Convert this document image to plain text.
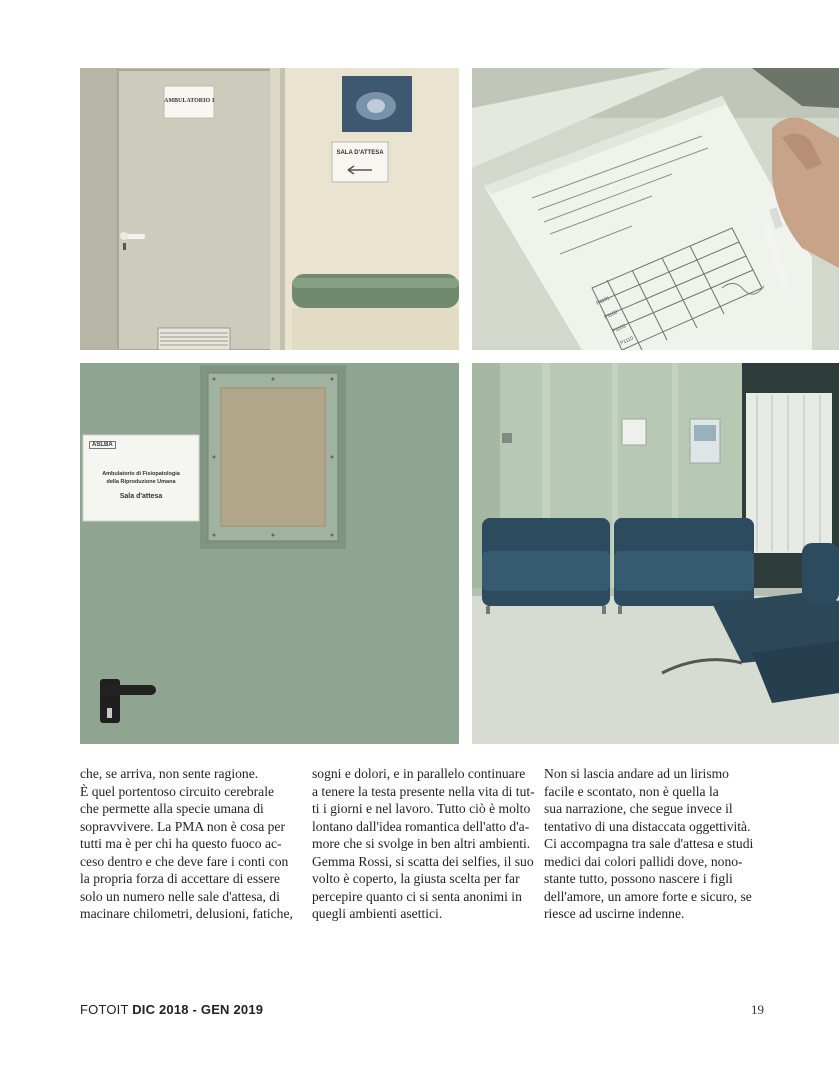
AMBULATORIO 1
SALA D'ATTESA
P1101
P1102
P1103
P1110
ASLBA
Ambulatorio di Fisiopatologia
della Riproduzione Umana
Sala d'attesa
che, se arriva, non sente ragione.
È quel portentoso circuito cerebrale
che permette alla specie umana di
sopravvivere. La PMA non è cosa per
tutti ma è per chi ha questo fuoco ac-
ceso dentro e che deve fare i conti con
la propria forza di accettare di essere
solo un numero nelle sale d'attesa, di
macinare chilometri, delusioni, fatiche,
sogni e dolori, e in parallelo continuare
a tenere la testa presente nella vita di tut-
ti i giorni e nel lavoro. Tutto ciò è molto
lontano dall'idea romantica dell'atto d'a-
more che si svolge in ben altri ambienti.
Gemma Rossi, si scatta dei selfies, il suo
volto è coperto, la giusta scelta per far
percepire quanto ci si senta anonimi in
quegli ambienti asettici.
Non si lascia andare ad un lirismo
facile e scontato, non è quella la
sua narrazione, che segue invece il
tentativo di una distaccata oggettività.
Ci accompagna tra sale d'attesa e studi
medici dai colori pallidi dove, nono-
stante tutto, possono nascere i figli
dell'amore, un amore forte e sicuro, se
riesce ad uscirne indenne.
FOTOIT DIC 2018 - GEN 2019	19
